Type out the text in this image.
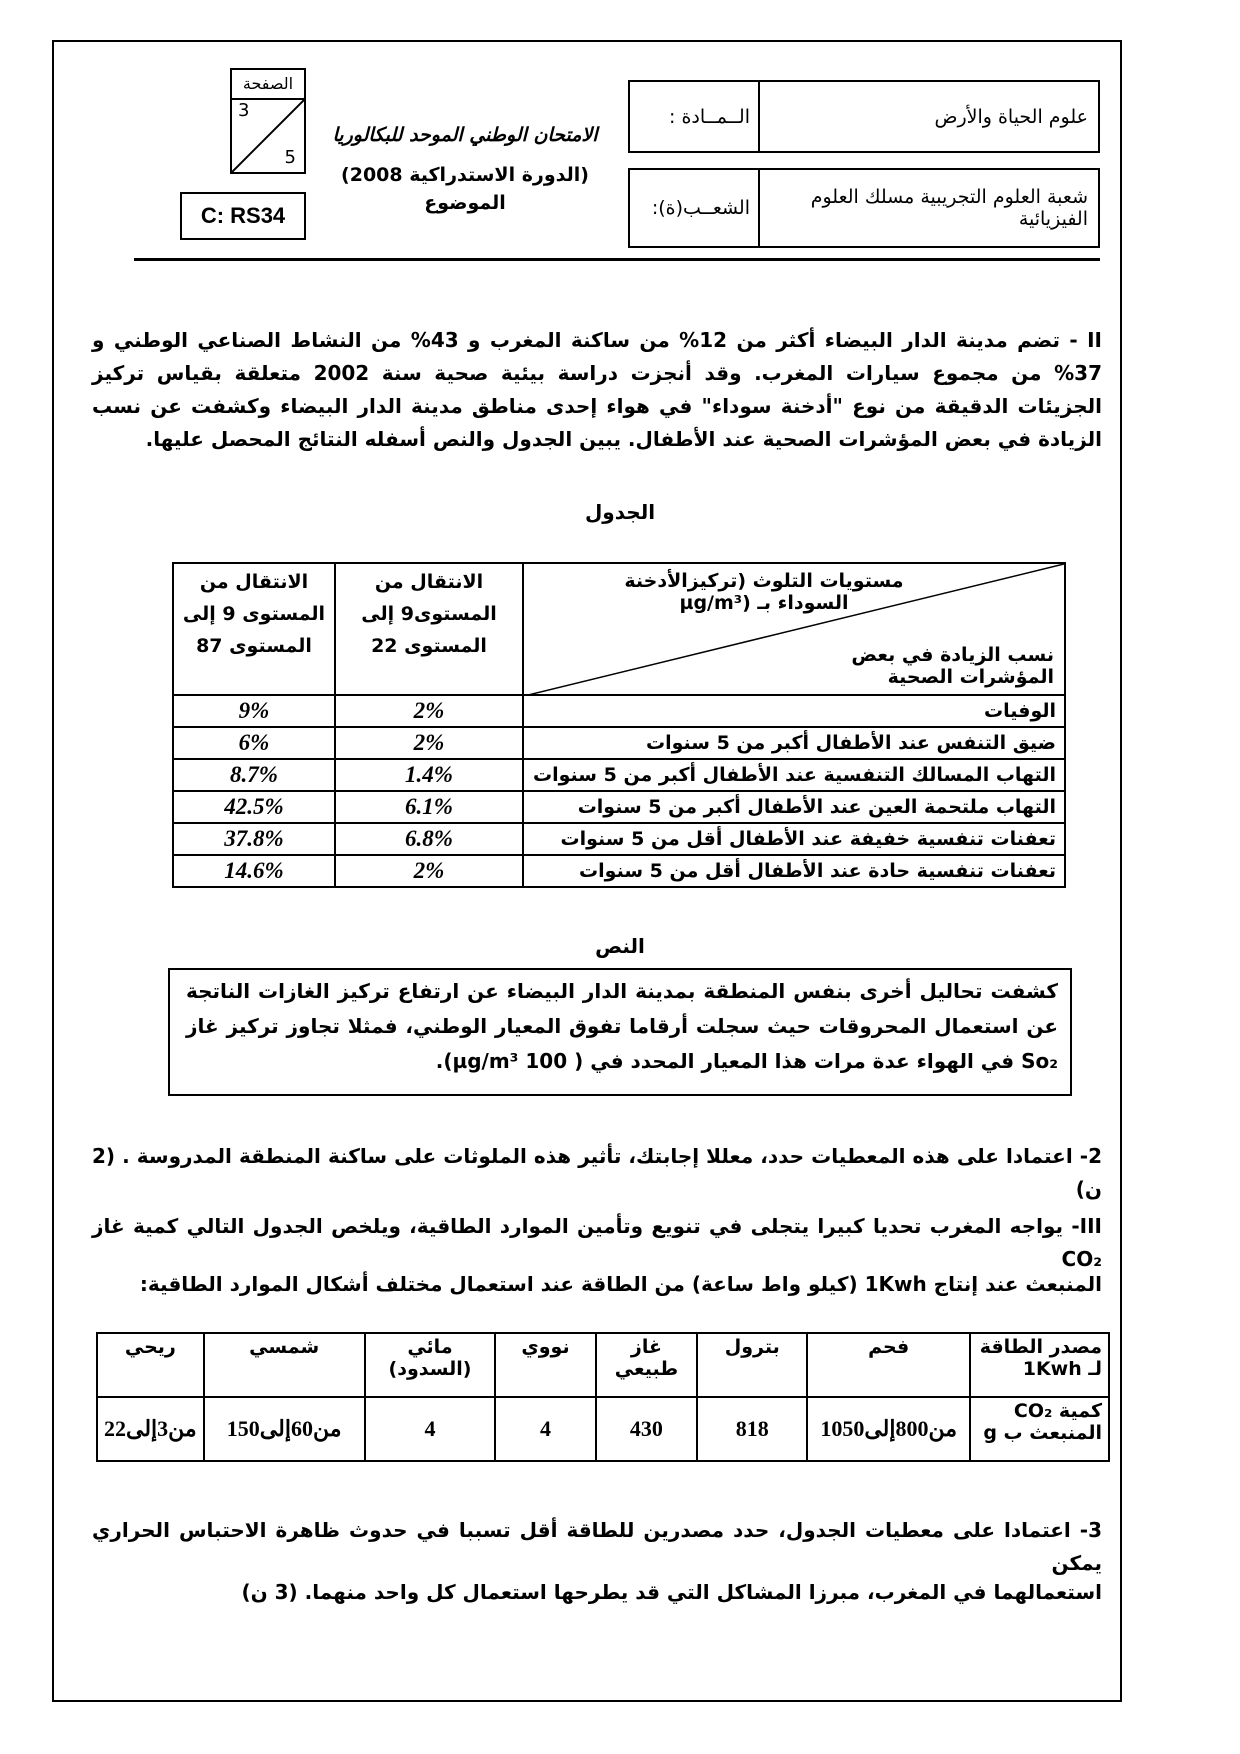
علوم الحياة والأرض
الــمــادة :
شعبة العلوم التجريبية مسلك العلوم الفيزيائية
الشعــب(ة):
الامتحان الوطني الموحد للبكالوريا
(الدورة الاستدراكية 2008)
الموضوع
الصفحة
3
5
C: RS34
II - تضم مدينة الدار البيضاء أكثر من 12% من ساكنة المغرب و 43% من النشاط الصناعي الوطني و 37% من مجموع سيارات المغرب. وقد أنجزت دراسة بيئية صحية سنة 2002 متعلقة بقياس تركيز الجزيئات الدقيقة من نوع "أدخنة سوداء" في هواء إحدى مناطق مدينة الدار البيضاء وكشفت عن نسب الزيادة في بعض المؤشرات الصحية عند الأطفال. يبين الجدول والنص أسفله النتائج المحصل عليها.
الجدول
مستويات التلوث (تركيزالأدخنة السوداء بـ (µg/m³
نسب الزيادة في بعض المؤشرات الصحية	الانتقال من المستوى9 إلى المستوى 22	الانتقال من المستوى 9 إلى المستوى 87
الوفيات	2%	9%
ضيق التنفس عند الأطفال أكبر من 5 سنوات	2%	6%
التهاب المسالك التنفسية عند الأطفال أكبر من 5 سنوات	1.4%	8.7%
التهاب ملتحمة العين عند الأطفال أكبر من 5 سنوات	6.1%	42.5%
تعفنات تنفسية خفيفة عند الأطفال أقل من 5 سنوات	6.8%	37.8%
تعفنات تنفسية حادة عند الأطفال أقل من 5 سنوات	2%	14.6%
النص
كشفت تحاليل أخرى بنفس المنطقة بمدينة الدار البيضاء عن ارتفاع تركيز الغازات الناتجة عن استعمال المحروقات حيث سجلت أرقاما تفوق المعيار الوطني، فمثلا تجاوز تركيز غاز So₂ في الهواء عدة مرات هذا المعيار المحدد في ( 100 µg/m³).
2- اعتمادا على هذه المعطيات حدد، معللا إجابتك، تأثير هذه الملوثات على ساكنة المنطقة المدروسة . (2 ن)
III- يواجه المغرب تحديا كبيرا يتجلى في تنويع وتأمين الموارد الطاقية، ويلخص الجدول التالي كمية غاز CO₂
المنبعث عند إنتاج 1Kwh (كيلو واط ساعة) من الطاقة عند استعمال مختلف أشكال الموارد الطاقية:
مصدر الطاقة لـ 1Kwh	فحم	بترول	غاز طبيعي	نووي	مائي (السدود)	شمسي	ريحي
كمية CO₂ المنبعث ب g	من800إلى1050	818	430	4	4	من60إلى150	من3إلى22
3- اعتمادا على معطيات الجدول، حدد مصدرين للطاقة أقل تسببا في حدوث ظاهرة الاحتباس الحراري يمكن
استعمالهما في المغرب، مبرزا المشاكل التي قد يطرحها استعمال كل واحد منهما. (3 ن)
